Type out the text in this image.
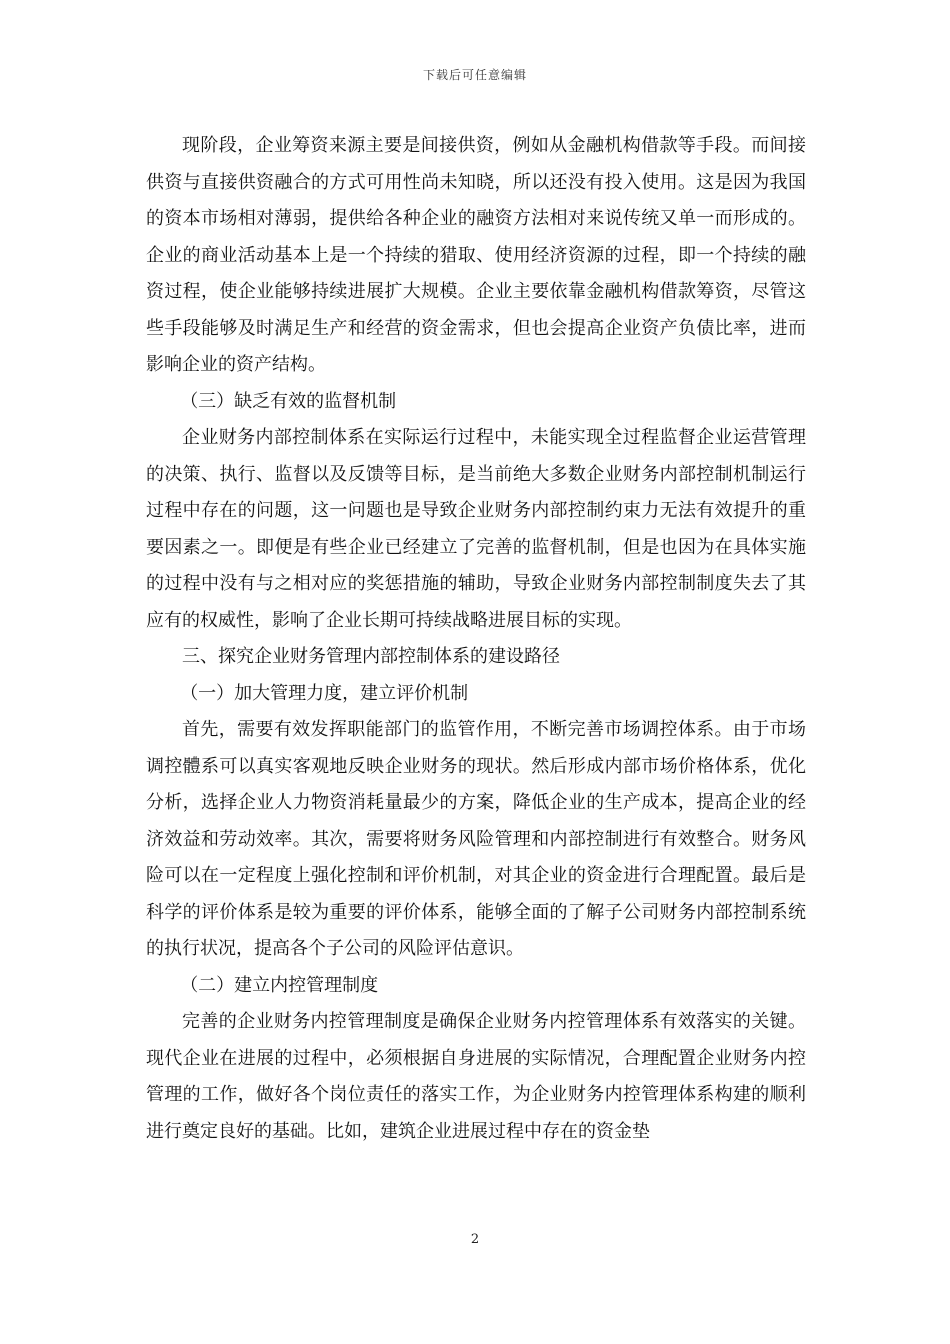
下载后可任意编辑

现阶段，企业筹资来源主要是间接供资，例如从金融机构借款等手段。而间接供资与直接供资融合的方式可用性尚未知晓，所以还没有投入使用。这是因为我国的资本市场相对薄弱，提供给各种企业的融资方法相对来说传统又单一而形成的。企业的商业活动基本上是一个持续的猎取、使用经济资源的过程，即一个持续的融资过程，使企业能够持续进展扩大规模。企业主要依靠金融机构借款筹资，尽管这些手段能够及时满足生产和经营的资金需求，但也会提高企业资产负债比率，进而影响企业的资产结构。

（三）缺乏有效的监督机制

企业财务内部控制体系在实际运行过程中，未能实现全过程监督企业运营管理的决策、执行、监督以及反馈等目标，是当前绝大多数企业财务内部控制机制运行过程中存在的问题，这一问题也是导致企业财务内部控制约束力无法有效提升的重要因素之一。即便是有些企业已经建立了完善的监督机制，但是也因为在具体实施的过程中没有与之相对应的奖惩措施的辅助，导致企业财务内部控制制度失去了其应有的权威性，影响了企业长期可持续战略进展目标的实现。

三、探究企业财务管理内部控制体系的建设路径

（一）加大管理力度，建立评价机制

首先，需要有效发挥职能部门的监管作用，不断完善市场调控体系。由于市场调控體系可以真实客观地反映企业财务的现状。然后形成内部市场价格体系，优化分析，选择企业人力物资消耗量最少的方案，降低企业的生产成本，提高企业的经济效益和劳动效率。其次，需要将财务风险管理和内部控制进行有效整合。财务风险可以在一定程度上强化控制和评价机制，对其企业的资金进行合理配置。最后是科学的评价体系是较为重要的评价体系，能够全面的了解子公司财务内部控制系统的执行状况，提高各个子公司的风险评估意识。

（二）建立内控管理制度

完善的企业财务内控管理制度是确保企业财务内控管理体系有效落实的关键。现代企业在进展的过程中，必须根据自身进展的实际情况，合理配置企业财务内控管理的工作，做好各个岗位责任的落实工作，为企业财务内控管理体系构建的顺利进行奠定良好的基础。比如，建筑企业进展过程中存在的资金垫

2
